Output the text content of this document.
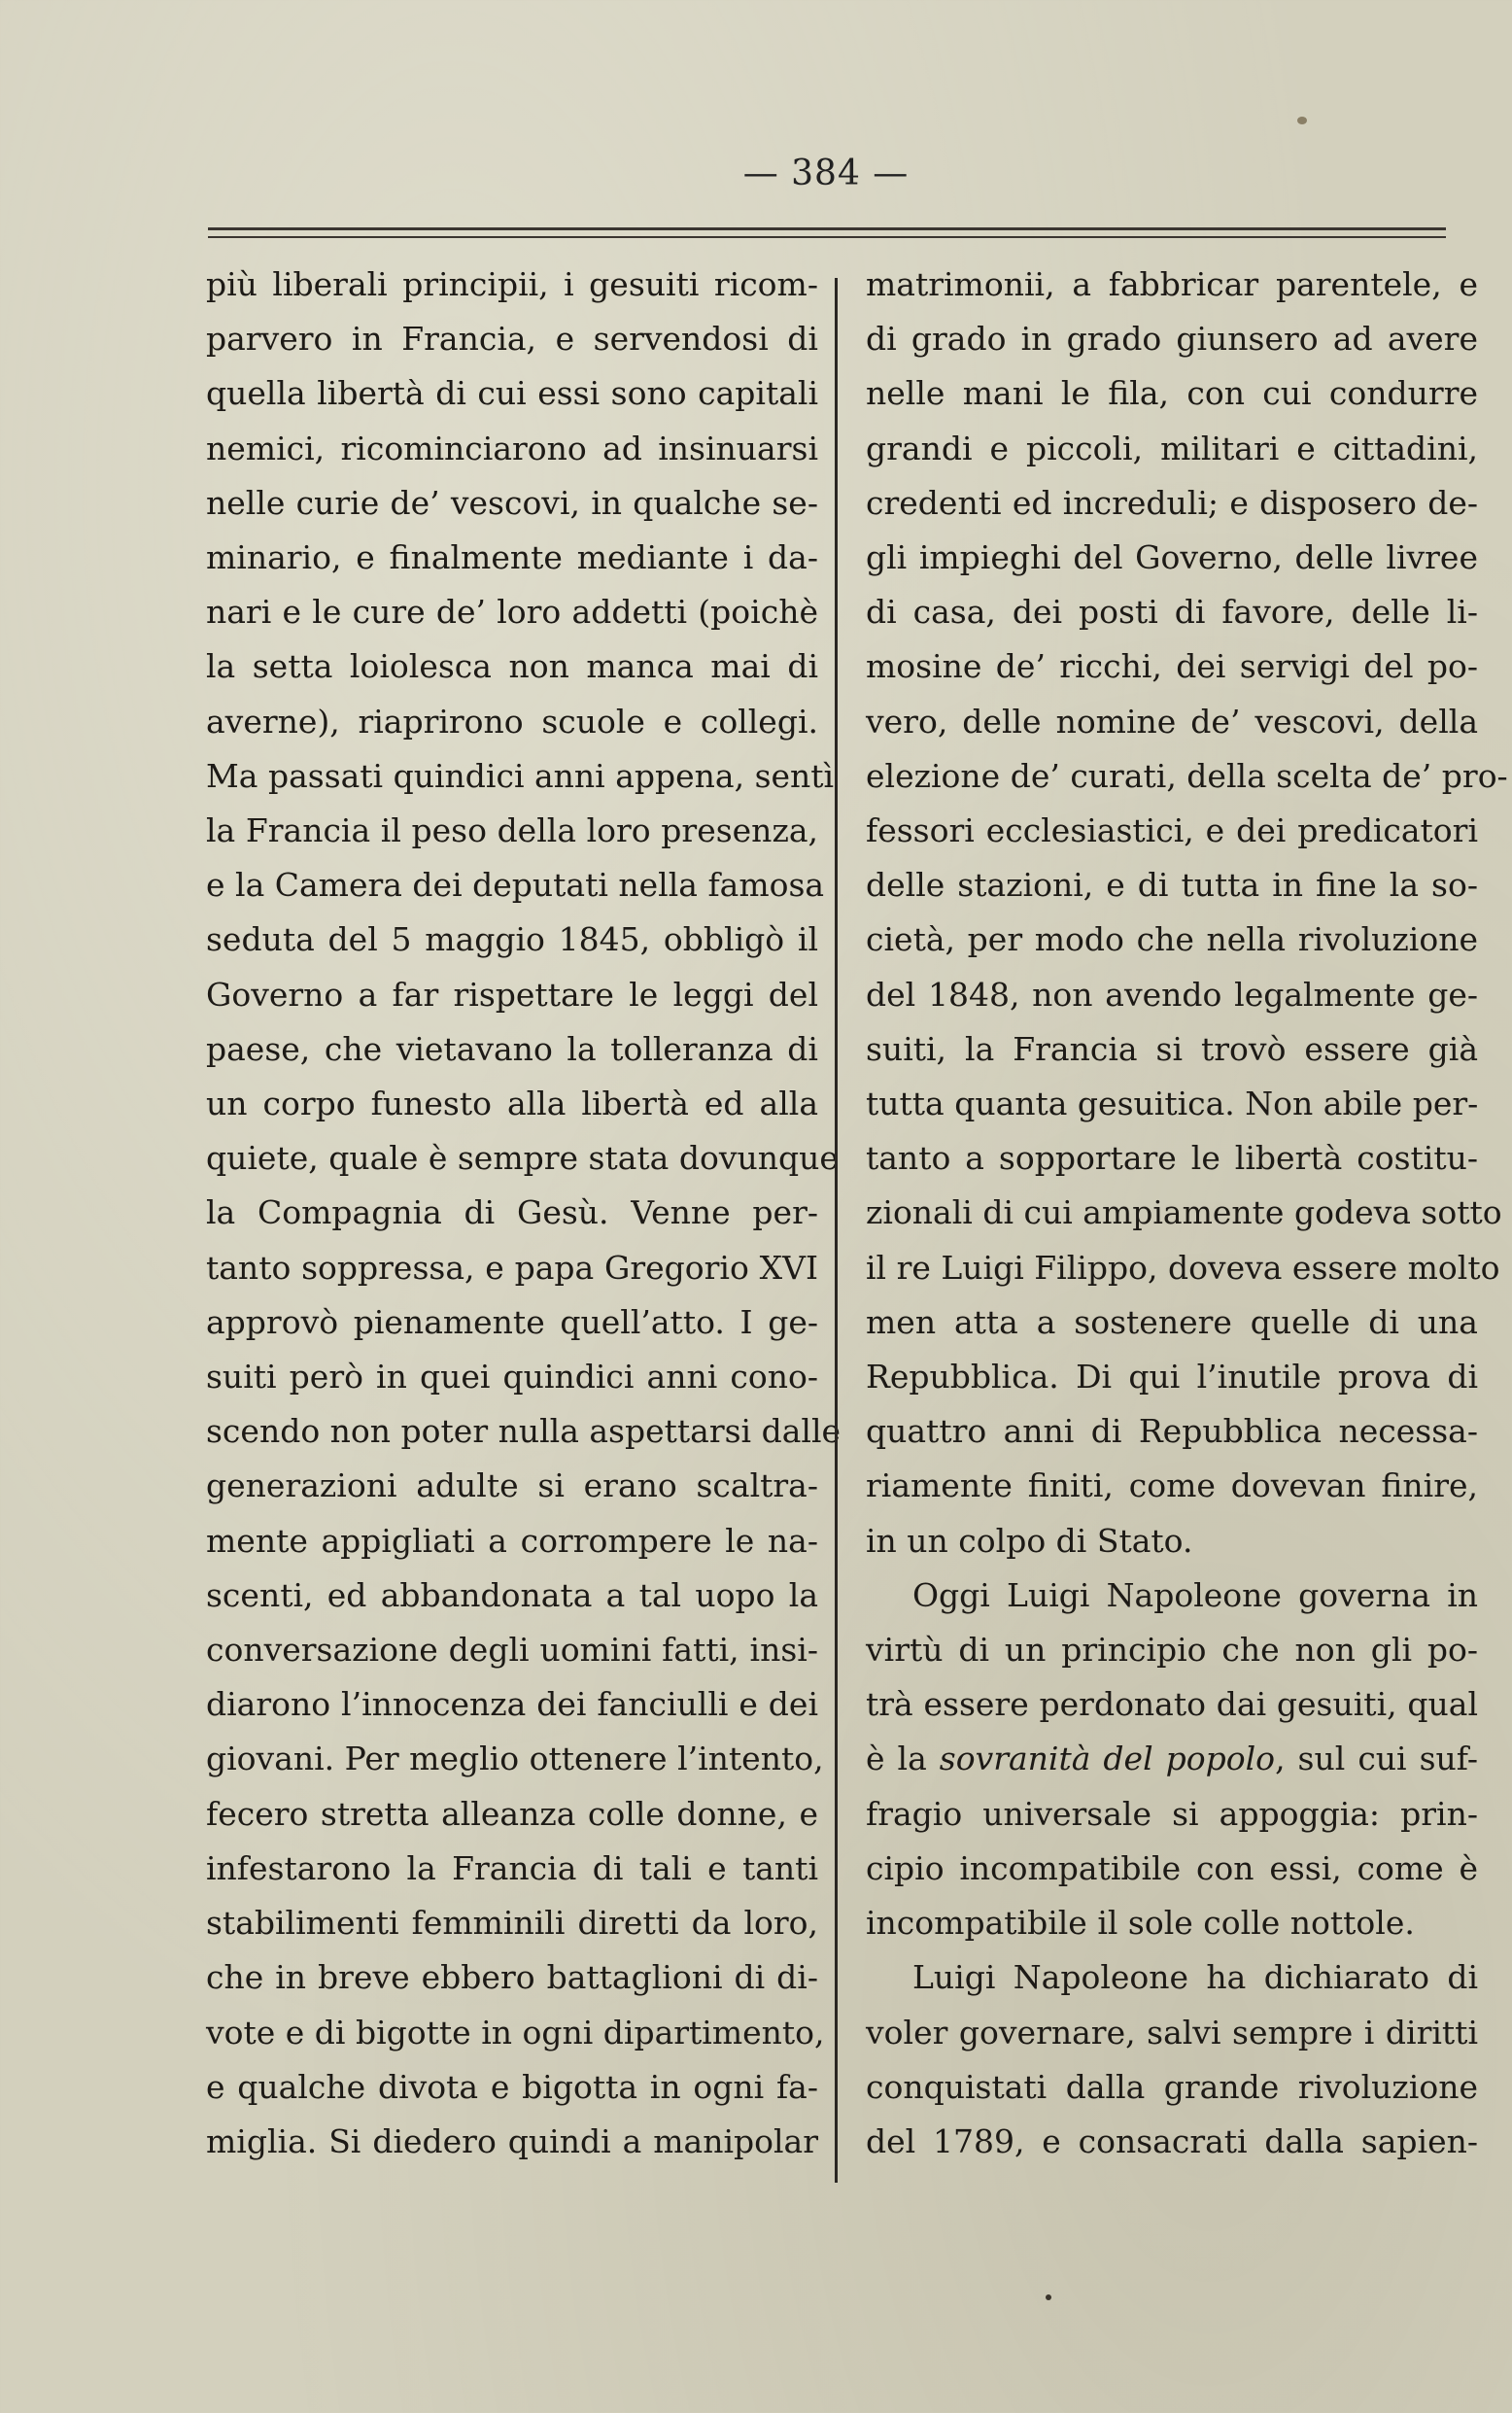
— 384 —
più liberali principii, i gesuiti ricom-
parvero in Francia, e servendosi di
quella libertà di cui essi sono capitali
nemici, ricominciarono ad insinuarsi
nelle curie de’ vescovi, in qualche se-
minario, e finalmente mediante i da-
nari e le cure de’ loro addetti (poichè
la setta loiolesca non manca mai di
averne), riaprirono scuole e collegi.
Ma passati quindici anni appena, sentì
la Francia il peso della loro presenza,
e la Camera dei deputati nella famosa
seduta del 5 maggio 1845, obbligò il
Governo a far rispettare le leggi del
paese, che vietavano la tolleranza di
un corpo funesto alla libertà ed alla
quiete, quale è sempre stata dovunque
la Compagnia di Gesù. Venne per-
tanto soppressa, e papa Gregorio XVI
approvò pienamente quell’atto. I ge-
suiti però in quei quindici anni cono-
scendo non poter nulla aspettarsi dalle
generazioni adulte si erano scaltra-
mente appigliati a corrompere le na-
scenti, ed abbandonata a tal uopo la
conversazione degli uomini fatti, insi-
diarono l’innocenza dei fanciulli e dei
giovani. Per meglio ottenere l’intento,
fecero stretta alleanza colle donne, e
infestarono la Francia di tali e tanti
stabilimenti femminili diretti da loro,
che in breve ebbero battaglioni di di-
vote e di bigotte in ogni dipartimento,
e qualche divota e bigotta in ogni fa-
miglia. Si diedero quindi a manipolar
matrimonii, a fabbricar parentele, e
di grado in grado giunsero ad avere
nelle mani le fila, con cui condurre
grandi e piccoli, militari e cittadini,
credenti ed increduli; e disposero de-
gli impieghi del Governo, delle livree
di casa, dei posti di favore, delle li-
mosine de’ ricchi, dei servigi del po-
vero, delle nomine de’ vescovi, della
elezione de’ curati, della scelta de’ pro-
fessori ecclesiastici, e dei predicatori
delle stazioni, e di tutta in fine la so-
cietà, per modo che nella rivoluzione
del 1848, non avendo legalmente ge-
suiti, la Francia si trovò essere già
tutta quanta gesuitica. Non abile per-
tanto a sopportare le libertà costitu-
zionali di cui ampiamente godeva sotto
il re Luigi Filippo, doveva essere molto
men atta a sostenere quelle di una
Repubblica. Di qui l’inutile prova di
quattro anni di Repubblica necessa-
riamente finiti, come dovevan finire,
in un colpo di Stato.
Oggi Luigi Napoleone governa in
virtù di un principio che non gli po-
trà essere perdonato dai gesuiti, qual
è la sovranità del popolo, sul cui suf-
fragio universale si appoggia: prin-
cipio incompatibile con essi, come è
incompatibile il sole colle nottole.
Luigi Napoleone ha dichiarato di
voler governare, salvi sempre i diritti
conquistati dalla grande rivoluzione
del 1789, e consacrati dalla sapien-
